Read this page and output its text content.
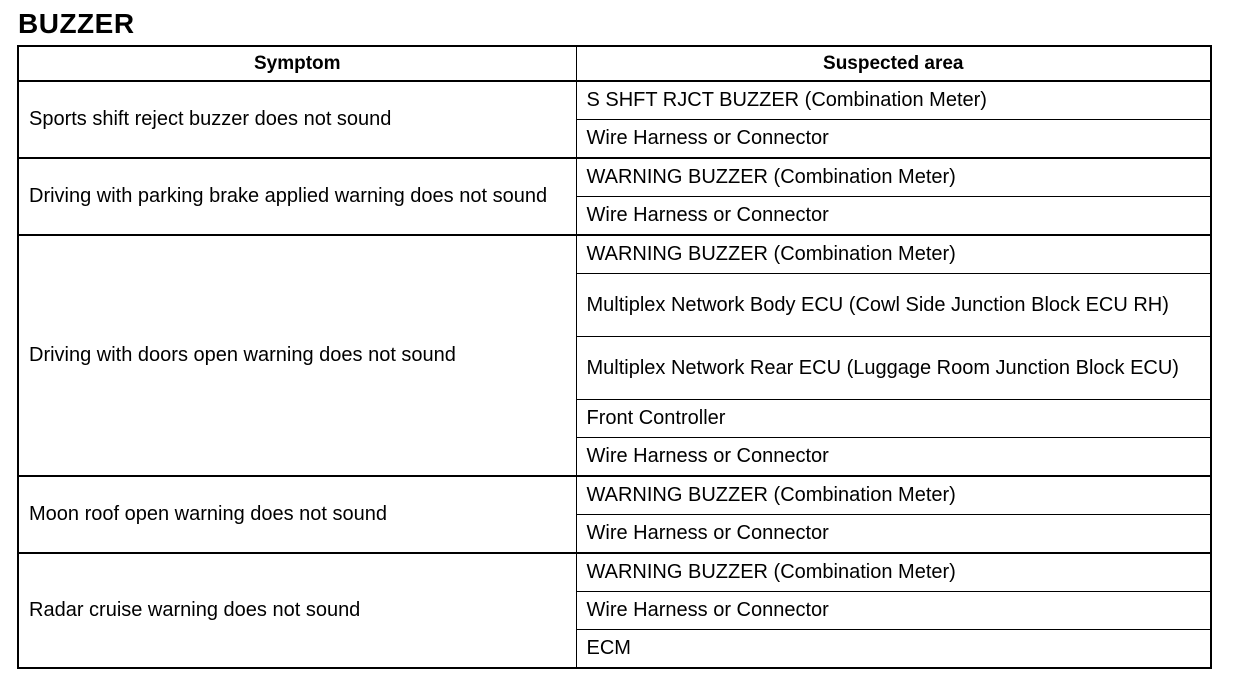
BUZZER
Symptom	Suspected area
Sports shift reject buzzer does not sound	S SHFT RJCT BUZZER (Combination Meter)
	Wire Harness or Connector
Driving with parking brake applied warning does not sound	WARNING BUZZER (Combination Meter)
	Wire Harness or Connector
Driving with doors open warning does not sound	WARNING BUZZER (Combination Meter)
	Multiplex Network Body ECU (Cowl Side Junction Block ECU RH)
	Multiplex Network Rear ECU (Luggage Room Junction Block ECU)
	Front Controller
	Wire Harness or Connector
Moon roof open warning does not sound	WARNING BUZZER (Combination Meter)
	Wire Harness or Connector
Radar cruise warning does not sound	WARNING BUZZER (Combination Meter)
	Wire Harness or Connector
	ECM
